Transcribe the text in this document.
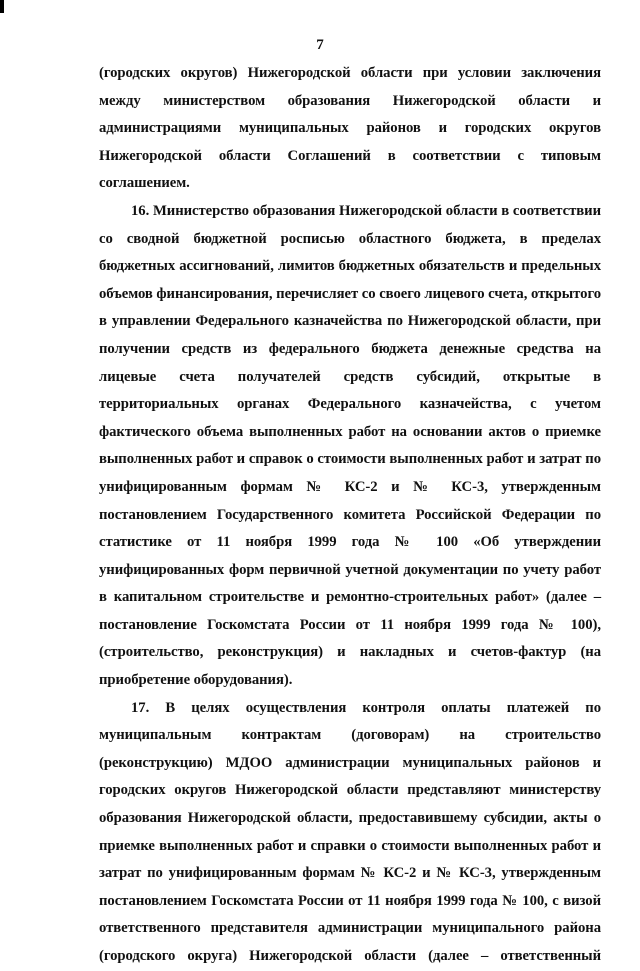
7

(городских округов) Нижегородской области при условии заключения между министерством образования Нижегородской области и администрациями муниципальных районов и городских округов Нижегородской области Соглашений в соответствии с типовым соглашением.

16. Министерство образования Нижегородской области в соответствии со сводной бюджетной росписью областного бюджета, в пределах бюджетных ассигнований, лимитов бюджетных обязательств и предельных объемов финансирования, перечисляет со своего лицевого счета, открытого в управлении Федерального казначейства по Нижегородской области, при получении средств из федерального бюджета денежные средства на лицевые счета получателей средств субсидий, открытые в территориальных органах Федерального казначейства, с учетом фактического объема выполненных работ на основании актов о приемке выполненных работ и справок о стоимости выполненных работ и затрат по унифицированным формам № КС-2 и № КС-3, утвержденным постановлением Государственного комитета Российской Федерации по статистике от 11 ноября 1999 года № 100 «Об утверждении унифицированных форм первичной учетной документации по учету работ в капитальном строительстве и ремонтно-строительных работ» (далее – постановление Госкомстата России от 11 ноября 1999 года № 100), (строительство, реконструкция) и накладных и счетов-фактур (на приобретение оборудования).

17. В целях осуществления контроля оплаты платежей по муниципальным контрактам (договорам) на строительство (реконструкцию) МДОО администрации муниципальных районов и городских округов Нижегородской области представляют министерству образования Нижегородской области, предоставившему субсидии, акты о приемке выполненных работ и справки о стоимости выполненных работ и затрат по унифицированным формам № КС-2 и № КС-3, утвержденным постановлением Госкомстата России от 11 ноября 1999 года № 100, с визой ответственного представителя администрации муниципального района (городского округа) Нижегородской области (далее – ответственный
